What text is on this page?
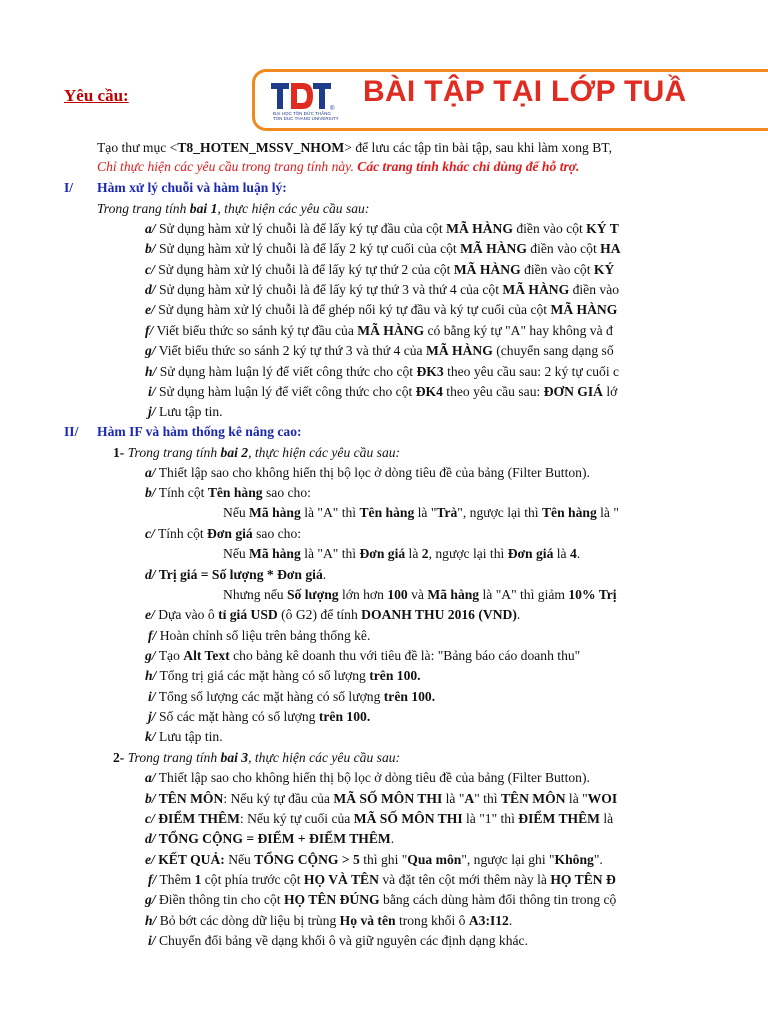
®
ĐẠI HỌC TÔN ĐỨC THẮNG
TON DUC THANG UNIVERSITY
BÀI TẬP TẠI LỚP TUẦ
Yêu cầu:
Tạo thư mục <T8_HOTEN_MSSV_NHOM> để lưu các tập tin bài tập, sau khi làm xong BT,
Chỉ thực hiện các yêu cầu trong trang tính này. Các trang tính khác chỉ dùng để hỗ trợ.
I/ Hàm xử lý chuỗi và hàm luận lý:
Trong trang tính bai 1, thực hiện các yêu cầu sau:
a/ Sử dụng hàm xử lý chuỗi là để lấy ký tự đầu của cột MÃ HÀNG điền vào cột KÝ T
b/ Sử dụng hàm xử lý chuỗi là để lấy 2 ký tự cuối của cột MÃ HÀNG điền vào cột HA
c/ Sử dụng hàm xử lý chuỗi là để lấy ký tự thứ 2 của cột MÃ HÀNG điền vào cột KÝ
d/ Sử dụng hàm xử lý chuỗi là để lấy ký tự thứ 3 và thứ 4 của cột MÃ HÀNG điền vào
e/ Sử dụng hàm xử lý chuỗi là để ghép nối ký tự đầu và ký tự cuối của cột MÃ HÀNG
f/ Viết biểu thức so sánh ký tự đầu của MÃ HÀNG có bằng ký tự "A" hay không và đ
g/ Viết biểu thức so sánh 2 ký tự thứ 3 và thứ 4 của MÃ HÀNG (chuyển sang dạng số
h/ Sử dụng hàm luận lý để viết công thức cho cột ĐK3 theo yêu cầu sau: 2 ký tự cuối c
i/ Sử dụng hàm luận lý để viết công thức cho cột ĐK4 theo yêu cầu sau: ĐƠN GIÁ lớ
j/ Lưu tập tin.
II/ Hàm IF và hàm thống kê nâng cao:
1- Trong trang tính bai 2, thực hiện các yêu cầu sau:
a/ Thiết lập sao cho không hiển thị bộ lọc ở dòng tiêu đề của bảng (Filter Button).
b/ Tính cột Tên hàng sao cho:
Nếu Mã hàng là "A" thì Tên hàng là "Trà", ngược lại thì Tên hàng là "
c/ Tính cột Đơn giá sao cho:
Nếu Mã hàng là "A" thì Đơn giá là 2, ngược lại thì Đơn giá là 4.
d/ Trị giá = Số lượng * Đơn giá.
Nhưng nếu Số lượng lớn hơn 100 và Mã hàng là "A" thì giảm 10% Trị
e/ Dựa vào ô tỉ giá USD (ô G2) để tính DOANH THU 2016 (VND).
f/ Hoàn chỉnh số liệu trên bảng thống kê.
g/ Tạo Alt Text cho bảng kê doanh thu với tiêu đề là: "Bảng báo cáo doanh thu"
h/ Tổng trị giá các mặt hàng có số lượng trên 100.
i/ Tổng số lượng các mặt hàng có số lượng trên 100.
j/ Số các mặt hàng có số lượng trên 100.
k/ Lưu tập tin.
2- Trong trang tính bai 3, thực hiện các yêu cầu sau:
a/ Thiết lập sao cho không hiển thị bộ lọc ở dòng tiêu đề của bảng (Filter Button).
b/ TÊN MÔN: Nếu ký tự đầu của MÃ SỐ MÔN THI là "A" thì TÊN MÔN là "WOI
c/ ĐIỂM THÊM: Nếu ký tự cuối của MÃ SỐ MÔN THI là "1" thì ĐIỂM THÊM là
d/ TỔNG CỘNG = ĐIỂM + ĐIỂM THÊM.
e/ KẾT QUẢ: Nếu TỔNG CỘNG > 5 thì ghi "Qua môn", ngược lại ghi "Không".
f/ Thêm 1 cột phía trước cột HỌ VÀ TÊN và đặt tên cột mới thêm này là HỌ TÊN Đ
g/ Điền thông tin cho cột HỌ TÊN ĐÚNG bằng cách dùng hàm đổi thông tin trong cộ
h/ Bỏ bớt các dòng dữ liệu bị trùng Họ và tên trong khối ô A3:I12.
i/ Chuyển đổi bảng về dạng khối ô và giữ nguyên các định dạng khác.
